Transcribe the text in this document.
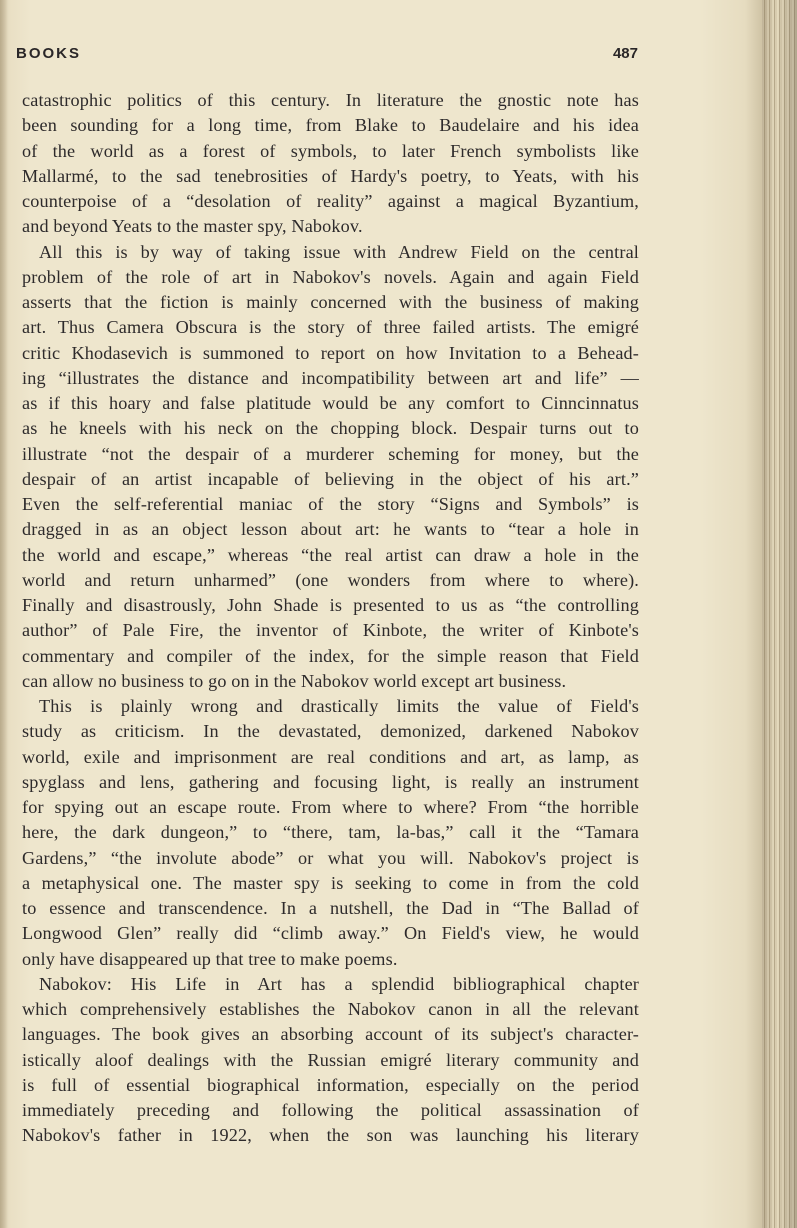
BOOKS	487
catastrophic politics of this century. In literature the gnostic note has
been sounding for a long time, from Blake to Baudelaire and his idea
of the world as a forest of symbols, to later French symbolists like
Mallarmé, to the sad tenebrosities of Hardy's poetry, to Yeats, with his
counterpoise of a “desolation of reality” against a magical Byzantium,
and beyond Yeats to the master spy, Nabokov.
All this is by way of taking issue with Andrew Field on the central
problem of the role of art in Nabokov's novels. Again and again Field
asserts that the fiction is mainly concerned with the business of making
art. Thus Camera Obscura is the story of three failed artists. The emigré
critic Khodasevich is summoned to report on how Invitation to a Behead-
ing “illustrates the distance and incompatibility between art and life” —
as if this hoary and false platitude would be any comfort to Cinncinnatus
as he kneels with his neck on the chopping block. Despair turns out to
illustrate “not the despair of a murderer scheming for money, but the
despair of an artist incapable of believing in the object of his art.”
Even the self-referential maniac of the story “Signs and Symbols” is
dragged in as an object lesson about art: he wants to “tear a hole in
the world and escape,” whereas “the real artist can draw a hole in the
world and return unharmed” (one wonders from where to where).
Finally and disastrously, John Shade is presented to us as “the controlling
author” of Pale Fire, the inventor of Kinbote, the writer of Kinbote's
commentary and compiler of the index, for the simple reason that Field
can allow no business to go on in the Nabokov world except art business.
This is plainly wrong and drastically limits the value of Field's
study as criticism. In the devastated, demonized, darkened Nabokov
world, exile and imprisonment are real conditions and art, as lamp, as
spyglass and lens, gathering and focusing light, is really an instrument
for spying out an escape route. From where to where? From “the horrible
here, the dark dungeon,” to “there, tam, la-bas,” call it the “Tamara
Gardens,” “the involute abode” or what you will. Nabokov's project is
a metaphysical one. The master spy is seeking to come in from the cold
to essence and transcendence. In a nutshell, the Dad in “The Ballad of
Longwood Glen” really did “climb away.” On Field's view, he would
only have disappeared up that tree to make poems.
Nabokov: His Life in Art has a splendid bibliographical chapter
which comprehensively establishes the Nabokov canon in all the relevant
languages. The book gives an absorbing account of its subject's character-
istically aloof dealings with the Russian emigré literary community and
is full of essential biographical information, especially on the period
immediately preceding and following the political assassination of
Nabokov's father in 1922, when the son was launching his literary
